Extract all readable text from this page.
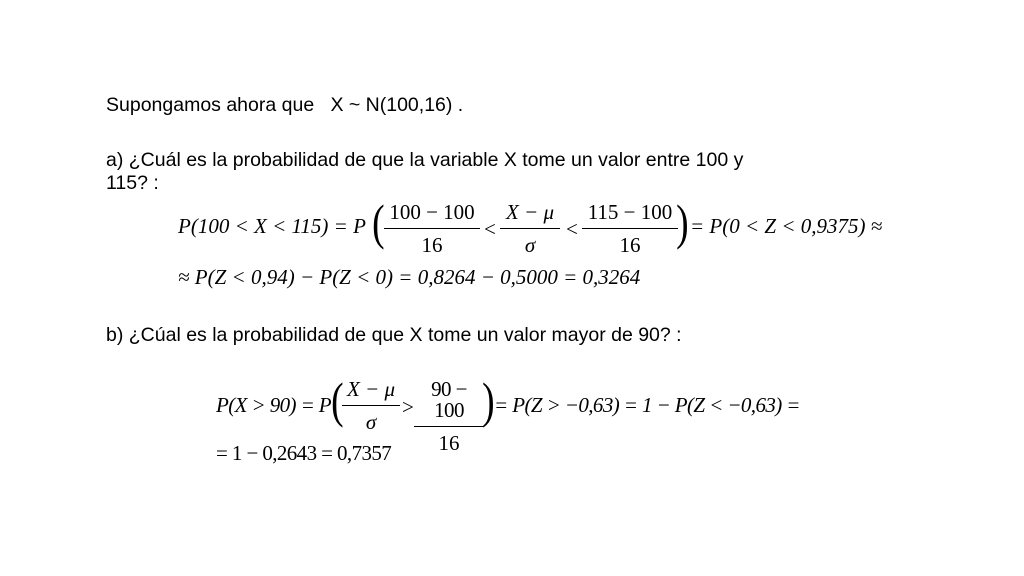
Supongamos ahora que X ~ N(100,16) .
a) ¿Cuál es la probabilidad de que la variable X tome un valor entre 100 y
115? :
P(100 < X < 115) = P ( 100 − 100
16
<
X − μ
σ
<
115 − 100
16 ) = P(0 < Z < 0,9375) ≈
≈ P(Z < 0,94) − P(Z < 0) = 0,8264 − 0,5000 = 0,3264
b) ¿Cúal es la probabilidad de que X tome un valor mayor de 90? :
P(X > 90) = P ( X − μ
σ
>
90 − 100
16
) = P(Z > −0,63) = 1 − P(Z < −0,63) =
= 1 − 0,2643 = 0,7357
